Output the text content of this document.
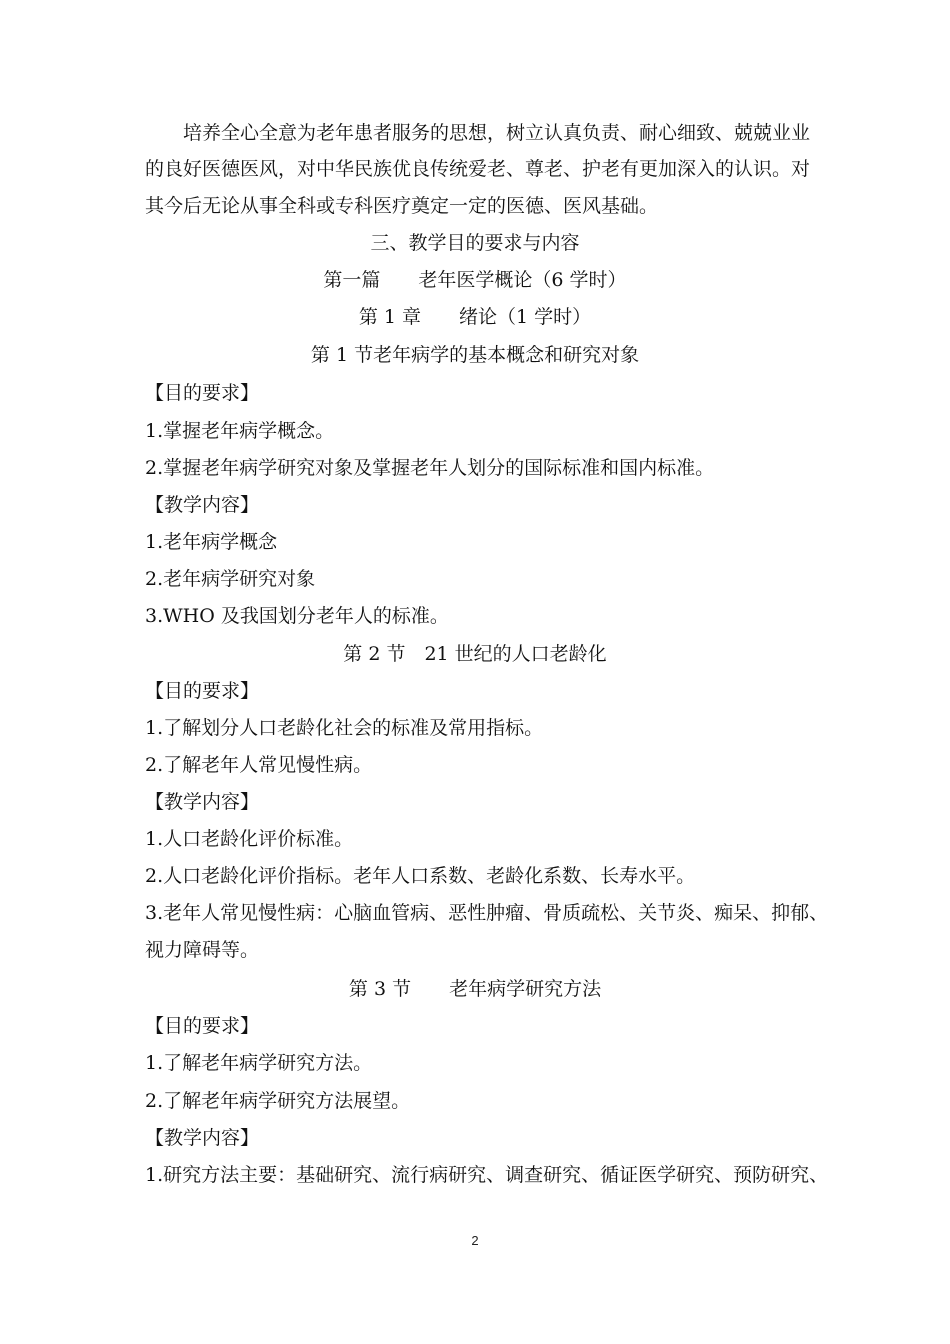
培养全心全意为老年患者服务的思想，树立认真负责、耐心细致、兢兢业业
的良好医德医风，对中华民族优良传统爱老、尊老、护老有更加深入的认识。对
其今后无论从事全科或专科医疗奠定一定的医德、医风基础。
三、教学目的要求与内容
第一篇　　老年医学概论（6 学时）
第 1 章　　绪论（1 学时）
第 1 节老年病学的基本概念和研究对象
【目的要求】
1.掌握老年病学概念。
2.掌握老年病学研究对象及掌握老年人划分的国际标准和国内标准。
【教学内容】
1.老年病学概念
2.老年病学研究对象
3.WHO 及我国划分老年人的标准。
第 2 节　21 世纪的人口老龄化
【目的要求】
1.了解划分人口老龄化社会的标准及常用指标。
2.了解老年人常见慢性病。
【教学内容】
1.人口老龄化评价标准。
2.人口老龄化评价指标。老年人口系数、老龄化系数、长寿水平。
3.老年人常见慢性病：心脑血管病、恶性肿瘤、骨质疏松、关节炎、痴呆、抑郁、
视力障碍等。
第 3 节　　老年病学研究方法
【目的要求】
1.了解老年病学研究方法。
2.了解老年病学研究方法展望。
【教学内容】
1.研究方法主要：基础研究、流行病研究、调查研究、循证医学研究、预防研究、
2
